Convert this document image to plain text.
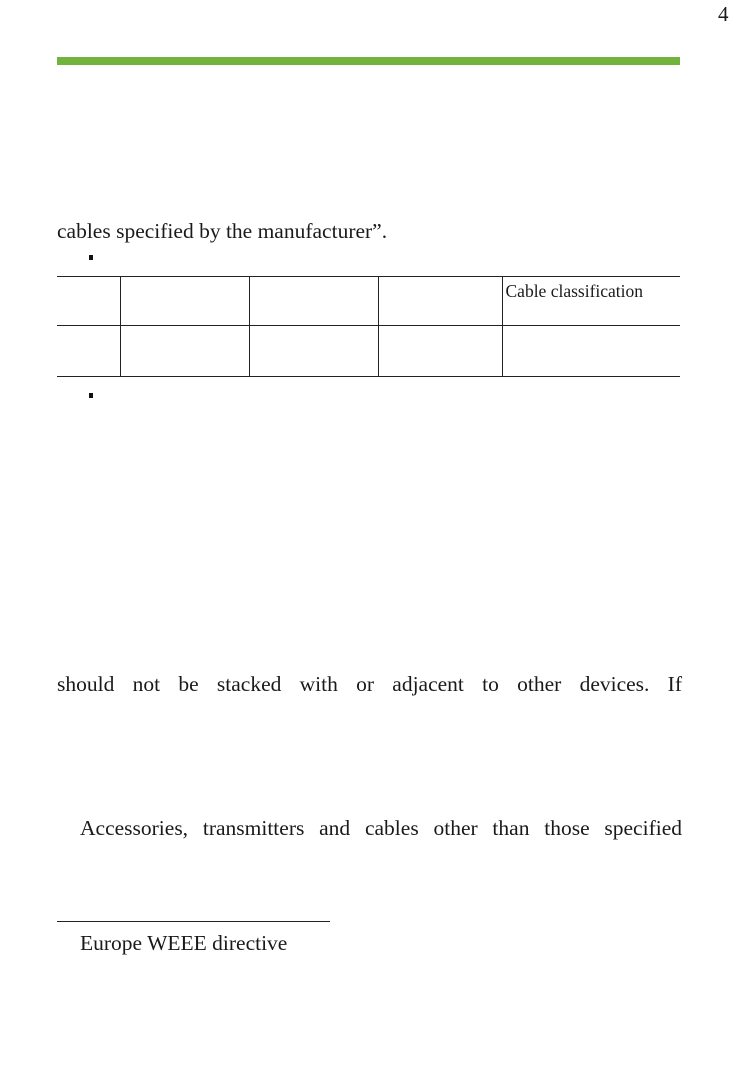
4
cables specified by the manufacturer”.

				Cable classification

should not be stacked with or adjacent to other devices. If
Accessories, transmitters and cables other than those specified
Europe WEEE directive
